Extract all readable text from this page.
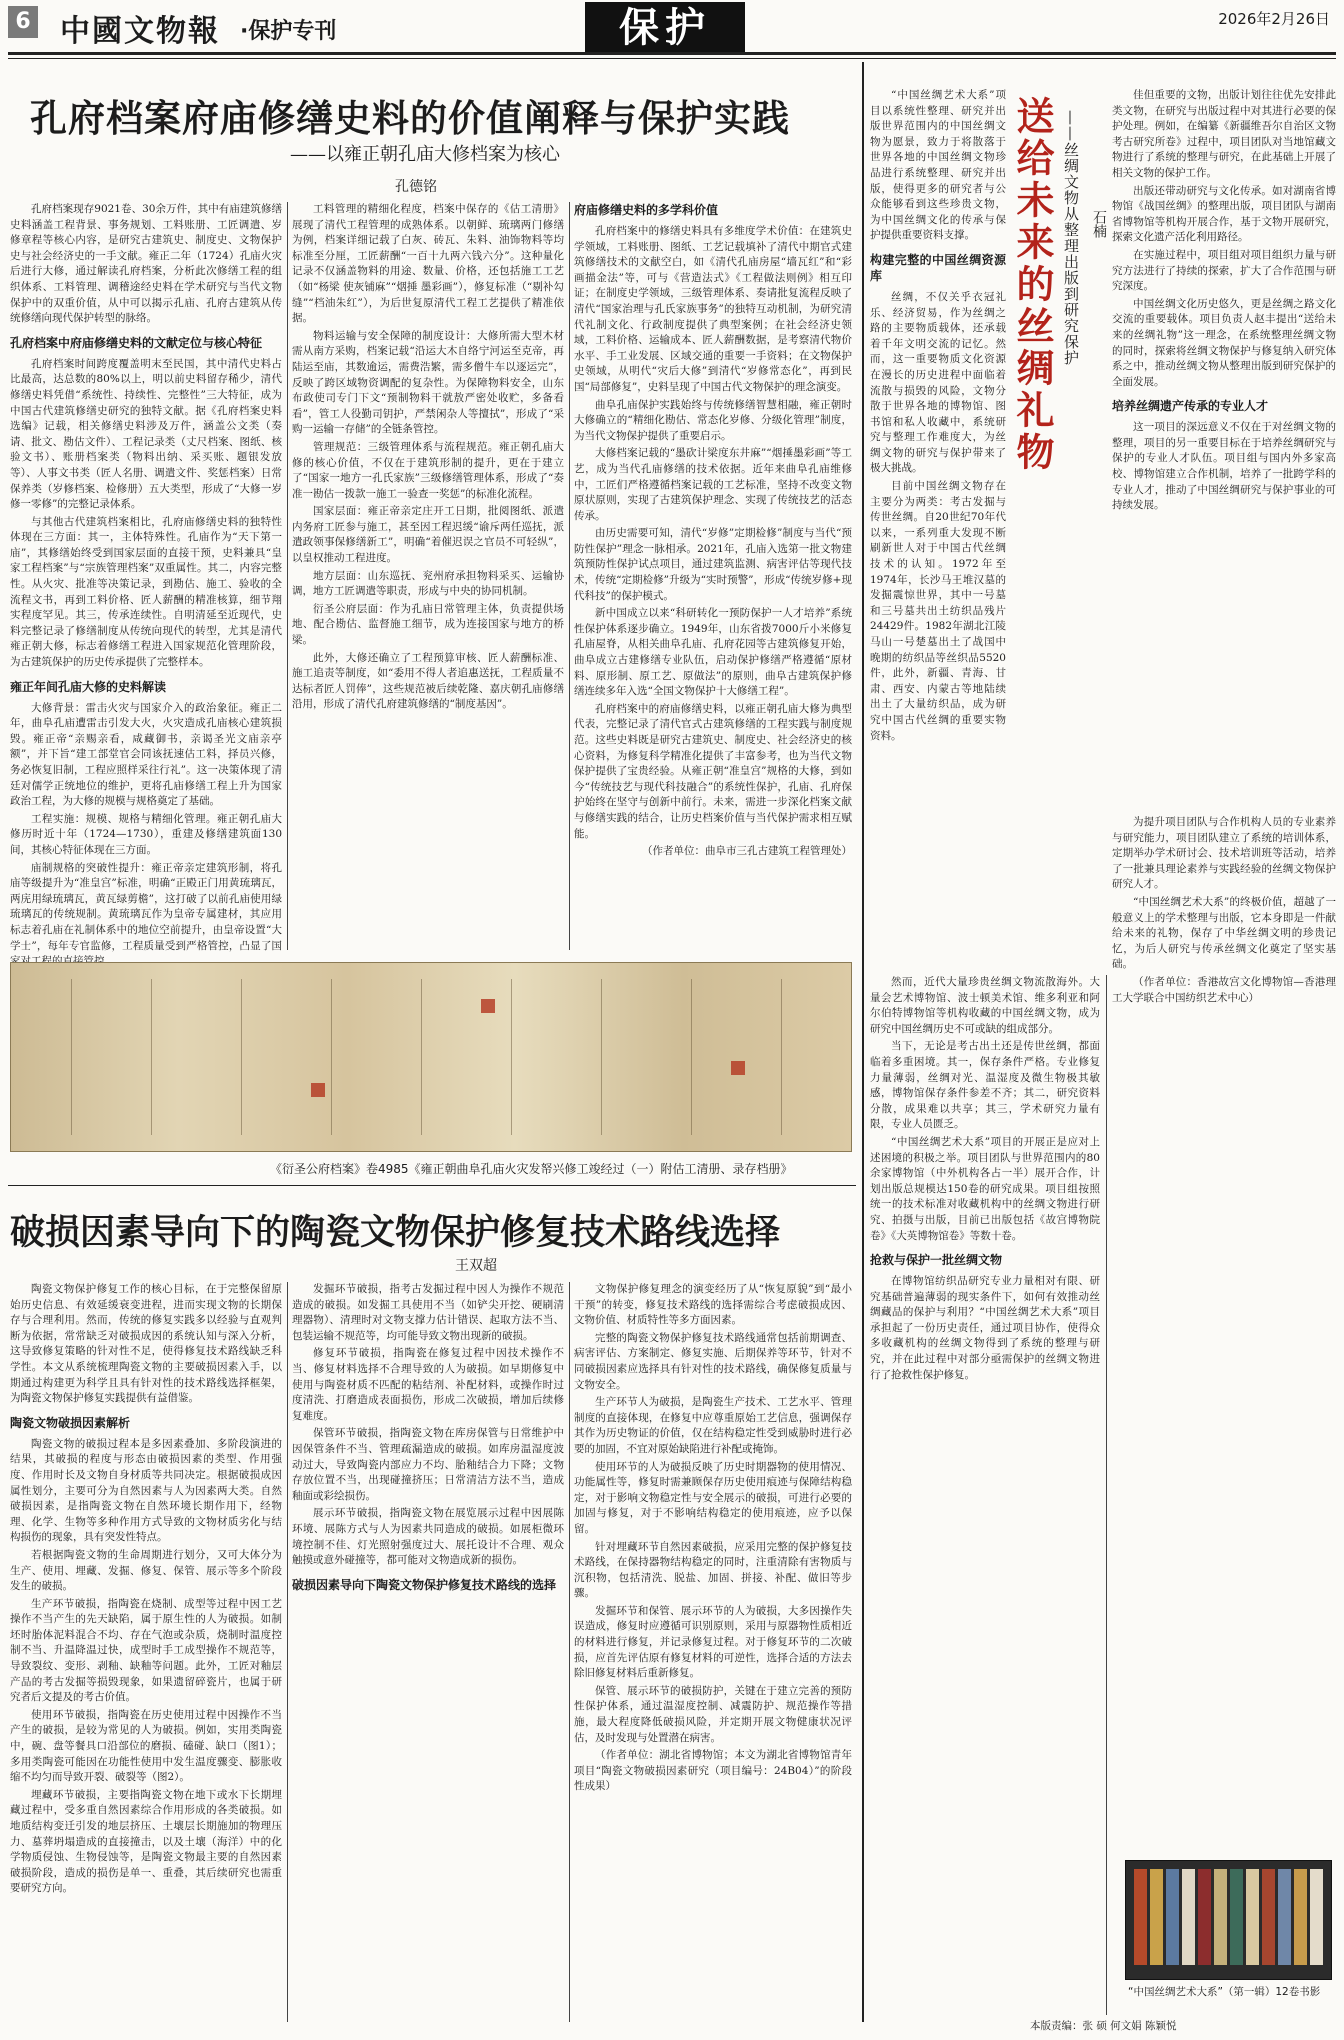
6 中國文物報 ·保护专刊	保护	2026年2月26日
孔府档案府庙修缮史料的价值阐释与保护实践
——以雍正朝孔庙大修档案为核心
孔德铭

孔府档案现存9021卷、30余万件，其中有庙建筑修缮史料涵盖工程背景、事务规划、工料账册、工匠调遣、岁修章程等核心内容，是研究古建筑史、制度史、文物保护史与社会经济史的一手文献。雍正二年（1724）孔庙火灾后进行大修，通过解读孔府档案，分析此次修缮工程的组织体系、工料管理、调稽途经史料在学术研究与当代文物保护中的双重价值，从中可以揭示孔庙、孔府古建筑从传统修缮向现代保护转型的脉络。

孔府档案中府庙修缮史料的文献定位与核心特征

孔府档案时间跨度覆盖明末至民国，其中清代史料占比最高，达总数的80%以上，明以前史料留存稀少，清代修缮史料凭借“系统性、持续性、完整性”三大特征，成为中国古代建筑修缮史研究的独特文献。据《孔府档案史料选编》记载，相关修缮史料涉及万件，涵盖公文类（奏请、批文、勘估文件）、工程记录类（丈尺档案、图纸、核验文书）、账册档案类（物料出纳、采买账、题银发放等）、人事文书类（匠人名册、调遣文件、奖惩档案）日常保养类（岁修档案、检修册）五大类型，形成了“大修一岁修一零修”的完整记录体系。

与其他古代建筑档案相比，孔府庙修缮史料的独特性体现在三方面：其一，主体特殊性。孔庙作为“天下第一庙”，其修缮始终受到国家层面的直接干预，史料兼具“皇家工程档案”与“宗族管理档案”双重属性。其二，内容完整性。从火灾、批准等决策记录，到勘估、施工、验收的全流程文书，再到工料价格、匠人薪酬的精准核算，细节翔实程度罕见。其三，传承连续性。自明清延至近现代，史料完整记录了修缮制度从传统向现代的转型，尤其是清代雍正朝大修，标志着修缮工程进入国家规范化管理阶段，为古建筑保护的历史传承提供了完整样本。

雍正年间孔庙大修的史料解读

大修背景：雷击火灾与国家介入的政治象征。雍正二年，曲阜孔庙遭雷击引发大火，火灾造成孔庙核心建筑损毁。雍正帝“亲赐亲看，咸藏御书，亲谒圣光文庙亲亭额”，并下旨“建工部堂官会同该抚速估工料，择员兴修，务必恢复旧制，工程应照样采往行礼”。这一决策体现了清廷对儒学正统地位的维护，更将孔庙修缮工程上升为国家政治工程，为大修的规模与规格奠定了基础。

工程实施：规模、规格与精细化管理。雍正朝孔庙大修历时近十年（1724—1730），重建及修缮建筑面130间，其核心特征体现在三方面。

庙制规格的突破性提升：雍正帝亲定建筑形制，将孔庙等级提升为“准皇宫”标准，明确“正殿正门用黄琉璃瓦，两庑用绿琉璃瓦，黄瓦绿剪檐”，这打破了以前孔庙使用绿琉璃瓦的传统规制。黄琉璃瓦作为皇帝专属建材，其应用标志着孔庙在礼制体系中的地位空前提升，由皇帝设置“大学士”，每年专官监修，工程质量受到严格管控，凸显了国

工料管理的精细化程度，档案中保存的《估工清册》展现了清代工程管理的成熟体系。以朝鲜、琉璃两门修缮为例，档案详细记载了白灰、砖瓦、朱料、油饰物料等均标准至分厘，工匠薪酬“一百十九两六钱六分”。这种量化记录不仅涵盖物料的用途、数量、价格，还包括施工工艺（如“杨梁 使灰铺麻”“烟捶 墨彩画”），修复标准（“剔补勾缝”“档油朱红”），为后世复原清代工程工艺提供了精准依据。

物料运输与安全保障的制度设计：大修所需大型木材需从南方采购，档案记载“沿运大木自络宁河运至克帝，再陆运至庙，其数逾运，需费浩繁，需多僧牛车以逐运完”，反映了跨区域物资调配的复杂性。为保障物料安全，山东布政使司专门下文“预制物料干就敖严密处收贮，多备看看”，管工人役勤司钥护，严禁闲杂人等擅拭”，形成了“采购一运输一存储”的全链条管控。

管理规范：三级管理体系与流程规范。雍正朝孔庙大修的核心价值，不仅在于建筑形制的提升，更在于建立了“国家一地方一孔氏家族”三级修缮管理体系，形成了“奏准一勘估一拨款一施工一验查一奖惩”的标准化流程。

国家层面：雍正帝亲定庄开工日期，批阅图纸、派遣内务府工匠参与施工，甚至因工程迟缓“谕斥两任巡抚，派遣政领事保修缮新工”，明确“着催迟误之官员不可轻纵”，以皇权推动工程进度。

地方层面：山东巡抚、兖州府承担物料采买、运输协调，地方工匠调遣等职责，形成与中央的协同机制。

衍圣公府层面：作为孔庙日常管理主体，负责提供场地、配合勘估、监督施工细节，成为连接国家与地方的桥梁。

此外，大修还确立了工程预算审核、匠人薪酬标准、施工追责等制度，如“委用不得人者追惠送抚，工程质量不达标者匠人罚俸”，这些规范被后续乾隆、嘉庆朝孔庙修缮沿用，形成了清代孔府建筑修缮的“制度基因”。

府庙修缮史料的多学科价值

孔府档案中的修缮史料具有多维度学术价值：在建筑史学领域，工料账册、图纸、工艺记载填补了清代中期官式建筑修缮技术的文献空白，如《清代孔庙房屋“墙瓦红”和“彩画描金法”等，可与《营造法式》《工程做法则例》相互印证；在制度史学领域，三级管理体系、奏请批复流程反映了清代“国家治理与孔氏家族事务”的独特互动机制，为研究清代礼制文化、行政制度提供了典型案例；在社会经济史领域，工料价格、运输成本、匠人薪酬数据，是考察清代物价水平、手工业发展、区域交通的重要一手资料；在文物保护史领域，从明代“灾后大修”到清代“岁修常态化”，再到民国“局部修复”，史料呈现了中国古代文物保护的理念演变。

曲阜孔庙保护实践始终与传统修缮智慧相融，雍正朝时大修确立的“精细化勘估、常态化岁修、分级化管理”制度，为当代文物保护提供了重要启示。

大修档案记载的“墨砍计梁度东井麻”“烟捶墨彩画”等工艺，成为当代孔庙修缮的技术依据。近年来曲阜孔庙维修中，工匠们严格遵循档案记载的工艺标准，坚持不改变文物原状原则，实现了古建筑保护理念、实现了传统技艺的活态传承。

由历史需要可知，清代“岁修”定期检修”制度与当代“预防性保护”理念一脉相承。2021年，孔庙入选第一批文物建筑预防性保护试点项目，通过建筑监测、病害评估等现代技术，传统“定期检修”升级为“实时预警”，形成“传统岁修+现代科技”的保护模式。

新中国成立以来“科研转化一预防保护一人才培养”系统性保护体系逐步确立。1949年，山东省拨7000斤小米修复孔庙屋脊，从相关曲阜孔庙、孔府花园等古建筑修复开始，曲阜成立古建修缮专业队伍，启动保护修缮严格遵循“原材料、原形制、原工艺、原做法”的原则，曲阜古建筑保护修缮连续多年入选“全国文物保护十大修缮工程”。

孔府档案中的府庙修缮史料，以雍正朝孔庙大修为典型代表，完整记录了清代官式古建筑修缮的工程实践与制度规范。这些史料既是研究古建筑史、制度史、社会经济史的核心资料，为修复科学精准化提供了丰富参考，也为当代文物保护提供了宝贵经验。从雍正朝“准皇宫”规格的大修，到如今“传统技艺与现代科技融合”的系统性保护，孔庙、孔府保护始终在坚守与创新中前行。未来，需进一步深化档案文献与修缮实践的结合，让历史档案价值与当代保护需求相互赋能。

（作者单位：曲阜市三孔古建筑工程管理处）

《衍圣公府档案》卷4985《雍正朝曲阜孔庙火灾发帑兴修工竣经过（一）附估工清册、录存档册》
破损因素导向下的陶瓷文物保护修复技术路线选择
王双超

陶瓷文物保护修复工作的核心目标，在于完整保留原始历史信息、有效延缓衰变进程，进而实现文物的长期保存与合理利用。然而，传统的修复实践多以经验与直观判断为依据，常常缺乏对破损成因的系统认知与深入分析，这导致修复策略的针对性不足，使得修复技术路线缺乏科学性。本文从系统梳理陶瓷文物的主要破损因素入手，以期通过构建更为科学且具有针对性的技术路线选择框架，为陶瓷文物保护修复实践提供有益借鉴。

陶瓷文物破损因素解析

陶瓷文物的破损过程本是多因素叠加、多阶段演进的结果，其破损的程度与形态由破损因素的类型、作用强度、作用时长及文物自身材质等共同决定。根据破损成因属性划分，主要可分为自然因素与人为因素两大类。自然破损因素，是指陶瓷文物在自然环境长期作用下，经物理、化学、生物等多种作用方式导致的文物材质劣化与结构损伤的现象，具有突发性特点。

若根据陶瓷文物的生命周期进行划分，又可大体分为生产、使用、埋藏、发掘、修复、保管、展示等多个阶段发生的破损。

生产环节破损，指陶瓷在烧制、成型等过程中因工艺操作不当产生的先天缺陷，属于原生性的人为破损。如制坯时胎体泥料混合不均、存在气泡或杂质，烧制时温度控制不当、升温降温过快，成型时手工成型操作不规范等，导致裂纹、变形、剥釉、缺釉等问题。此外，工匠对釉层产品的考古发掘等损毁现象，如果遗留碎瓷片，也属于研究者后文提及的考古价值。

使用环节破损，指陶瓷在历史使用过程中因操作不当产生的破损，是较为常见的人为破损。例如，实用类陶瓷中，碗、盘等餐具口沿部位的磨损、磕碰、缺口（图1）；多用类陶瓷可能因在功能性使用中发生温度骤变、膨胀收缩不均匀而导致开裂、破裂等（图2）。

埋藏环节破损，主要指陶瓷文物在地下或水下长期埋藏过程中，受多重自然因素综合作用形成的各类破损。如地质结构变迁引发的地层挤压、土壤层长期施加的物理压力、墓葬坍塌造成的直接撞击，以及土壤（海洋）中的化学物质侵蚀、生物侵蚀等，是陶瓷文物最主要的自然因素破损阶段，造成的损伤是单一、重叠，其后续研究也需重要研究方向。

发掘环节破损，指考古发掘过程中因人为操作不规范造成的破损。如发掘工具使用不当（如铲尖开挖、硬刷清理器物）、清理时对文物支撑力估计错误、起取方法不当、包装运输不规范等，均可能导致文物出现新的破损。

修复环节破损，指陶瓷在修复过程中因技术操作不当、修复材料选择不合理导致的人为破损。如早期修复中使用与陶瓷材质不匹配的粘结剂、补配材料，或操作时过度清洗、打磨造成表面损伤，形成二次破损，增加后续修复难度。

保管环节破损，指陶瓷文物在库房保管与日常维护中因保管条件不当、管理疏漏造成的破损。如库房温湿度波动过大，导致陶瓷内部应力不均、胎釉结合力下降；文物存放位置不当，出现碰撞挤压；日常清洁方法不当，造成釉面或彩绘损伤。

展示环节破损，指陶瓷文物在展览展示过程中因展陈环境、展陈方式与人为因素共同造成的破损。如展柜微环境控制不佳、灯光照射强度过大、展托设计不合理、观众触摸或意外碰撞等，都可能对文物造成新的损伤。

破损因素导向下陶瓷文物保护修复技术路线的选择

文物保护修复理念的演变经历了从“恢复原貌”到“最小干预”的转变，修复技术路线的选择需综合考虑破损成因、文物价值、材质特性等多方面因素。

完整的陶瓷文物保护修复技术路线通常包括前期调查、病害评估、方案制定、修复实施、后期保养等环节，针对不同破损因素应选择具有针对性的技术路线，确保修复质量与文物安全。

生产环节人为破损，是陶瓷生产技术、工艺水平、管理制度的直接体现，在修复中应尊重原始工艺信息，强调保存其作为历史物证的价值，仅在结构稳定性受到威胁时进行必要的加固，不宜对原始缺陷进行补配或掩饰。

使用环节的人为破损反映了历史时期器物的使用情况、功能属性等，修复时需兼顾保存历史使用痕迹与保障结构稳定，对于影响文物稳定性与安全展示的破损，可进行必要的加固与修复，对于不影响结构稳定的使用痕迹，应予以保留。

针对埋藏环节自然因素破损，应采用完整的保护修复技术路线，在保持器物结构稳定的同时，注重清除有害物质与沉积物，包括清洗、脱盐、加固、拼接、补配、做旧等步骤。

发掘环节和保管、展示环节的人为破损，大多因操作失误造成，修复时应遵循可识别原则，采用与原器物性质相近的材料进行修复，并记录修复过程。对于修复环节的二次破损，应首先评估原有修复材料的可逆性，选择合适的方法去除旧修复材料后重新修复。

保管、展示环节的破损防护，关键在于建立完善的预防性保护体系，通过温湿度控制、减震防护、规范操作等措施，最大程度降低破损风险，并定期开展文物健康状况评估，及时发现与处置潜在病害。

（作者单位：湖北省博物馆；本文为湖北省博物馆青年项目“陶瓷文物破损因素研究（项目编号：24B04）”的阶段性成果）

“中国丝绸艺术大系”项目以系统性整理、研究并出版世界范围内的中国丝绸文物为愿景，致力于将散落于世界各地的中国丝绸文物珍品进行系统整理、研究并出版，使得更多的研究者与公众能够看到这些珍贵文物，为中国丝绸文化的传承与保护提供重要资料支撑。

构建完整的中国丝绸资源库

丝绸，不仅关乎衣冠礼乐、经济贸易，作为丝绸之路的主要物质载体，还承载着千年文明交流的记忆。然而，这一重要物质文化资源在漫长的历史进程中面临着流散与损毁的风险，文物分散于世界各地的博物馆、图书馆和私人收藏中，系统研究与整理工作难度大，为丝绸文物的研究与保护带来了极大挑战。

目前中国丝绸文物存在主要分为两类：考古发掘与传世丝绸。自20世纪70年代以来，一系列重大发现不断刷新世人对于中国古代丝绸技术的认知。1972年至1974年，长沙马王堆汉墓的发掘震惊世界，其中一号墓和三号墓共出土纺织品残片24429件。1982年湖北江陵马山一号楚墓出土了战国中晚期的纺织品等丝织品5520件，此外，新疆、青海、甘肃、西安、内蒙古等地陆续出土了大量纺织品，成为研究中国古代丝绸的重要实物资料。

送给未来的丝绸礼物 ——丝绸文物从整理出版到研究保护 石楠

佳但重要的文物，出版计划往往优先安排此类文物，在研究与出版过程中对其进行必要的保护处理。例如，在编纂《新疆维吾尔自治区文物考古研究所卷》过程中，项目团队对当地馆藏文物进行了系统的整理与研究，在此基础上开展了相关文物的保护工作。

出版还带动研究与文化传承。如对湖南省博物馆《战国丝绸》的整理出版，项目团队与湖南省博物馆等机构开展合作，基于文物开展研究，探索文化遗产活化利用路径。

在实施过程中，项目组对项目组织力量与研究方法进行了持续的探索，扩大了合作范围与研究深度。

中国丝绸文化历史悠久，更是丝绸之路文化交流的重要载体。项目负责人赵丰提出“送给未来的丝绸礼物”这一理念，在系统整理丝绸文物的同时，探索将丝绸文物保护与修复纳入研究体系之中，推动丝绸文物从整理出版到研究保护的全面发展。

培养丝绸遗产传承的专业人才

这一项目的深远意义不仅在于对丝绸文物的整理，项目的另一重要目标在于培养丝绸研究与保护的专业人才队伍。项目组与国内外多家高校、博物馆建立合作机制，培养了一批跨学科的专业人才，推动了中国丝绸研究与保护事业的可持续发展。

然而，近代大量珍贵丝绸文物流散海外。大量会艺术博物馆、波士顿美术馆、维多利亚和阿尔伯特博物馆等机构收藏的中国丝绸文物，成为研究中国丝绸历史不可或缺的组成部分。

当下，无论是考古出土还是传世丝绸，都面临着多重困境。其一，保存条件严格。专业修复力量薄弱，丝绸对光、温湿度及微生物极其敏感，博物馆保存条件参差不齐；其二，研究资料分散，成果难以共享；其三，学术研究力量有限，专业人员匮乏。

“中国丝绸艺术大系”项目的开展正是应对上述困境的积极之举。项目团队与世界范围内的80余家博物馆（中外机构各占一半）展开合作，计划出版总规模达150卷的研究成果。项目组按照统一的技术标准对收藏机构中的丝绸文物进行研究、拍摄与出版，目前已出版包括《故宫博物院卷》《大英博物馆卷》等数十卷。

抢救与保护一批丝绸文物

在博物馆纺织品研究专业力量相对有限、研究基础普遍薄弱的现实条件下，如何有效推动丝绸藏品的保护与利用？“中国丝绸艺术大系”项目承担起了一份历史责任，通过项目协作，使得众多收藏机构的丝绸文物得到了系统的整理与研究，并在此过程中对部分亟需保护的丝绸文物进行了抢救性保护修复。

为提升项目团队与合作机构人员的专业素养与研究能力，项目团队建立了系统的培训体系，定期举办学术研讨会、技术培训班等活动，培养了一批兼具理论素养与实践经验的丝绸文物保护研究人才。

“中国丝绸艺术大系”的终极价值，超越了一般意义上的学术整理与出版，它本身即是一件献给未来的礼物，保存了中华丝绸文明的珍贵记忆，为后人研究与传承丝绸文化奠定了坚实基础。

（作者单位：香港故宫文化博物馆—香港理工大学联合中国纺织艺术中心）

“中国丝绸艺术大系”（第一辑）12卷书影
本版责编：张 硕 何文娟 陈颖悦
